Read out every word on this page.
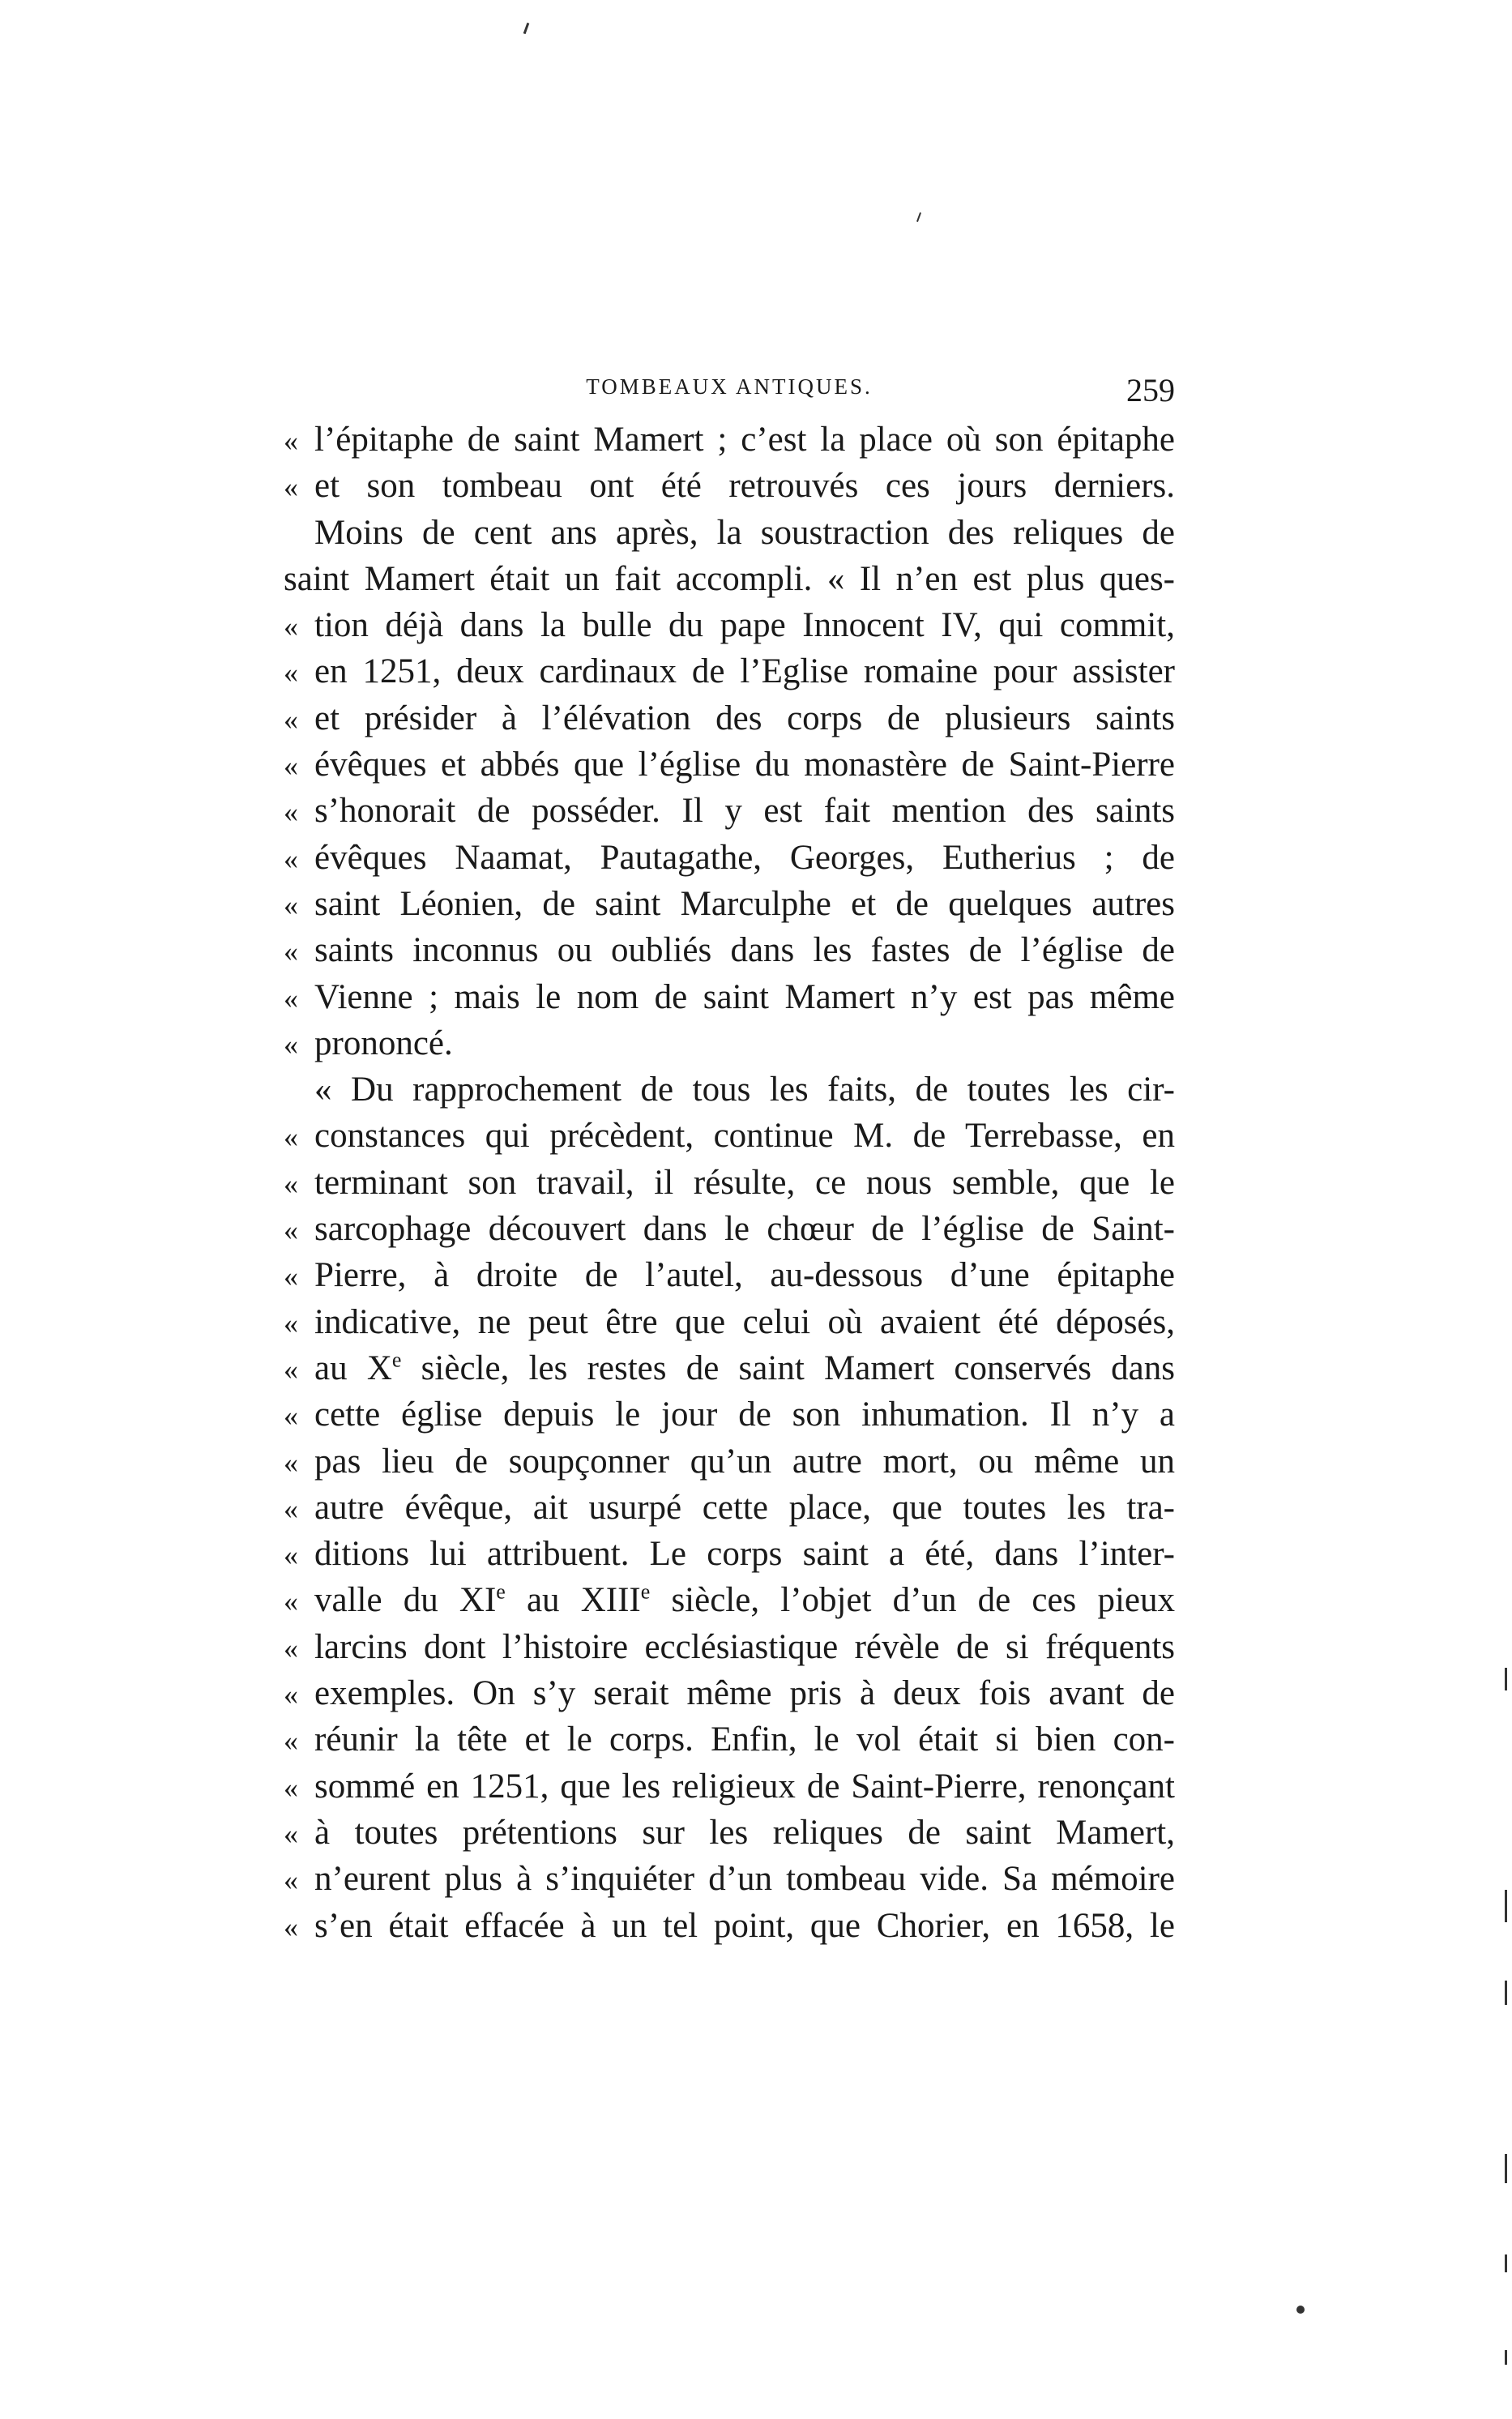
TOMBEAUX ANTIQUES.	259
« l’épitaphe de saint Mamert ; c’est la place où son épitaphe
« et son tombeau ont été retrouvés ces jours derniers.
Moins de cent ans après, la soustraction des reliques de
saint Mamert était un fait accompli. « Il n’en est plus ques-
« tion déjà dans la bulle du pape Innocent IV, qui commit,
« en 1251, deux cardinaux de l’Eglise romaine pour assister
« et présider à l’élévation des corps de plusieurs saints
« évêques et abbés que l’église du monastère de Saint-Pierre
« s’honorait de posséder. Il y est fait mention des saints
« évêques Naamat, Pautagathe, Georges, Eutherius ; de
« saint Léonien, de saint Marculphe et de quelques autres
« saints inconnus ou oubliés dans les fastes de l’église de
« Vienne ; mais le nom de saint Mamert n’y est pas même
« prononcé.
« Du rapprochement de tous les faits, de toutes les cir-
« constances qui précèdent, continue M. de Terrebasse, en
« terminant son travail, il résulte, ce nous semble, que le
« sarcophage découvert dans le chœur de l’église de Saint-
« Pierre, à droite de l’autel, au-dessous d’une épitaphe
« indicative, ne peut être que celui où avaient été déposés,
« au Xe siècle, les restes de saint Mamert conservés dans
« cette église depuis le jour de son inhumation. Il n’y a
« pas lieu de soupçonner qu’un autre mort, ou même un
« autre évêque, ait usurpé cette place, que toutes les tra-
« ditions lui attribuent. Le corps saint a été, dans l’inter-
« valle du XIe au XIIIe siècle, l’objet d’un de ces pieux
« larcins dont l’histoire ecclésiastique révèle de si fréquents
« exemples. On s’y serait même pris à deux fois avant de
« réunir la tête et le corps. Enfin, le vol était si bien con-
« sommé en 1251, que les religieux de Saint-Pierre, renonçant
« à toutes prétentions sur les reliques de saint Mamert,
« n’eurent plus à s’inquiéter d’un tombeau vide. Sa mémoire
« s’en était effacée à un tel point, que Chorier, en 1658, le
